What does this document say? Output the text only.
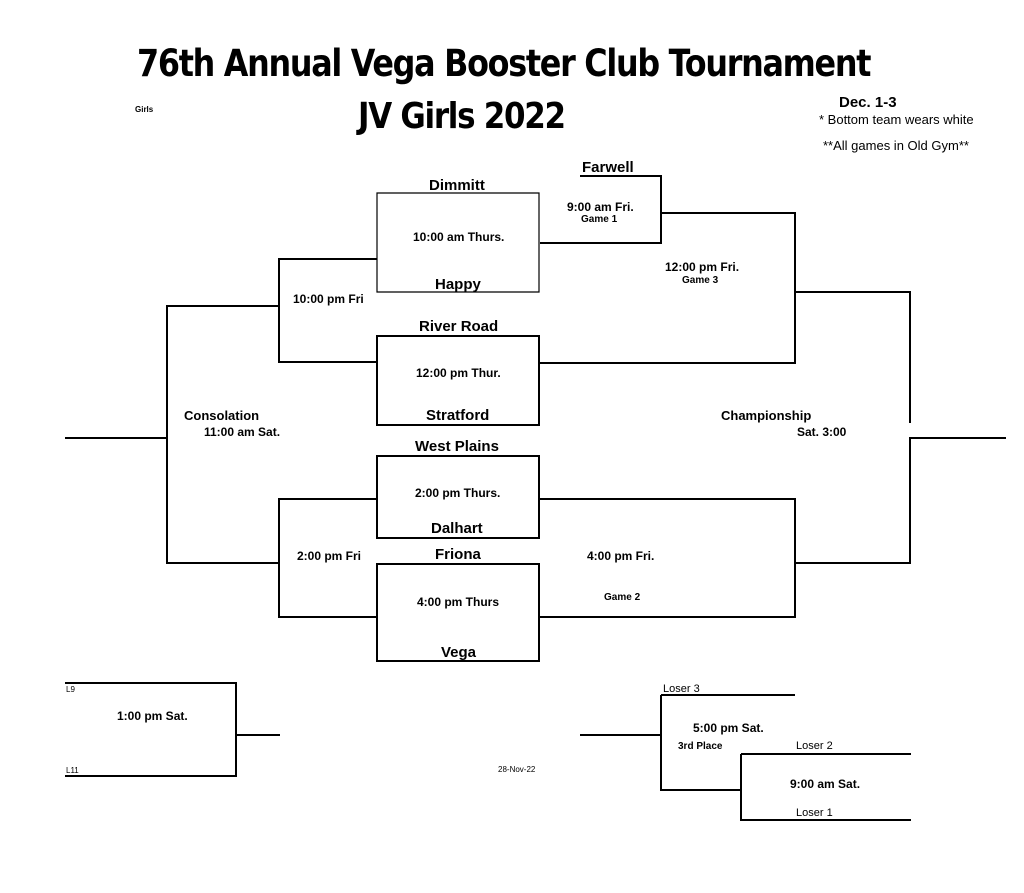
76th Annual Vega Booster Club Tournament
JV Girls 2022
Girls	Dec. 1-3
* Bottom team wears white
**All games in Old Gym**
Farwell
9:00 am Fri.
Game 1
Dimmitt
10:00 am Thurs.
Happy
12:00 pm Fri.
Game 3
10:00 pm Fri
River Road
12:00 pm Thur.
Stratford
Consolation
11:00 am Sat.
Championship
Sat. 3:00
West Plains
2:00 pm Thurs.
Dalhart
2:00 pm Fri	Friona	4:00 pm Fri.
4:00 pm Thurs	Game 2
Vega
L9
1:00 pm Sat.
L11	28-Nov-22
Loser 3
5:00 pm Sat.
3rd Place	Loser 2
9:00 am Sat.
Loser 1
